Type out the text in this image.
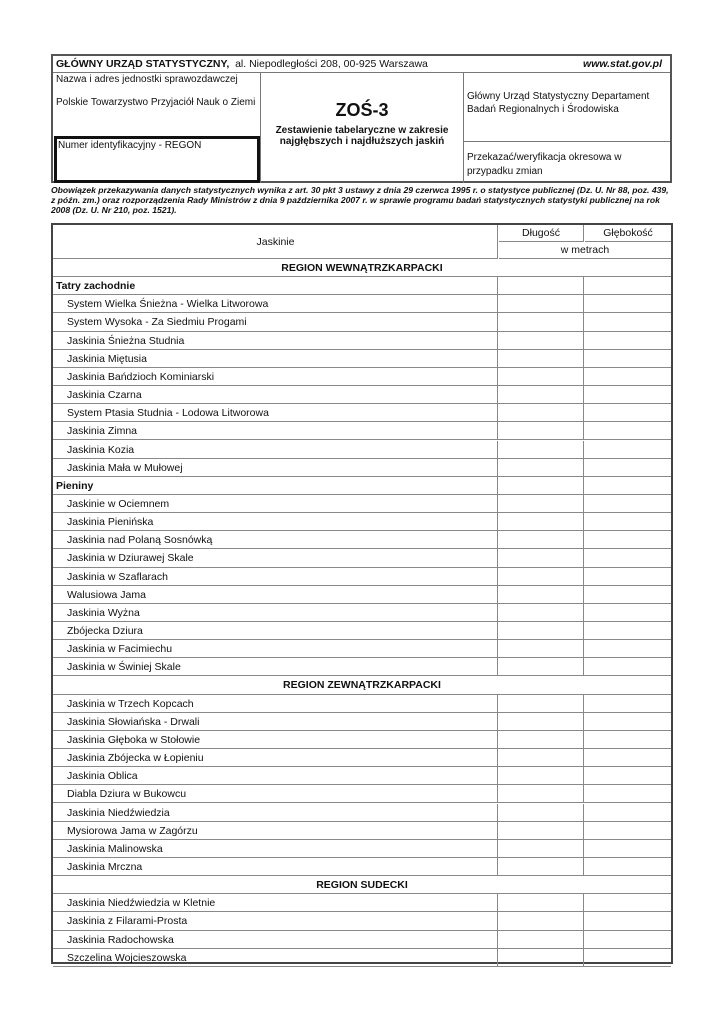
GŁÓWNY URZĄD STATYSTYCZNY, al. Niepodległości 208, 00-925 Warszawa	www.stat.gov.pl
Nazwa i adres jednostki sprawozdawczej
Polskie Towarzystwo Przyjaciół Nauk o Ziemi
Numer identyfikacyjny - REGON
ZOŚ-3
Zestawienie tabelaryczne w zakresie najgłębszych i najdłuższych jaskiń
Główny Urząd Statystyczny Departament Badań Regionalnych i Środowiska
Przekazać/weryfikacja okresowa w przypadku zmian
Obowiązek przekazywania danych statystycznych wynika z art. 30 pkt 3 ustawy z dnia 29 czerwca 1995 r. o statystyce publicznej (Dz. U. Nr 88, poz. 439, z późn. zm.) oraz rozporządzenia Rady Ministrów z dnia 9 października 2007 r. w sprawie programu badań statystycznych statystyki publicznej na rok 2008 (Dz. U. Nr 210, poz. 1521).
Jaskinie
Długość	Głębokość
w metrach
REGION WEWNĄTRZKARPACKI
Tatry zachodnie
System Wielka Śnieżna - Wielka Litworowa
System Wysoka - Za Siedmiu Progami
Jaskinia Śnieżna Studnia
Jaskinia Miętusia
Jaskinia Bańdzioch Kominiarski
Jaskinia Czarna
System Ptasia Studnia - Lodowa Litworowa
Jaskinia Zimna
Jaskinia Kozia
Jaskinia Mała w Mułowej
Pieniny
Jaskinie w Ociemnem
Jaskinia Pienińska
Jaskinia nad Polaną Sosnówką
Jaskinia w Dziurawej Skale
Jaskinia w Szaflarach
Walusiowa Jama
Jaskinia Wyżna
Zbójecka Dziura
Jaskinia w Facimiechu
Jaskinia w Świniej Skale
REGION ZEWNĄTRZKARPACKI
Jaskinia w Trzech Kopcach
Jaskinia Słowiańska - Drwali
Jaskinia Głęboka w Stołowie
Jaskinia Zbójecka w Łopieniu
Jaskinia Oblica
Diabla Dziura w Bukowcu
Jaskinia Niedźwiedzia
Mysiorowa Jama w Zagórzu
Jaskinia Malinowska
Jaskinia Mrczna
REGION SUDECKI
Jaskinia Niedźwiedzia w Kletnie
Jaskinia z Filarami-Prosta
Jaskinia Radochowska
Szczelina Wojcieszowska
